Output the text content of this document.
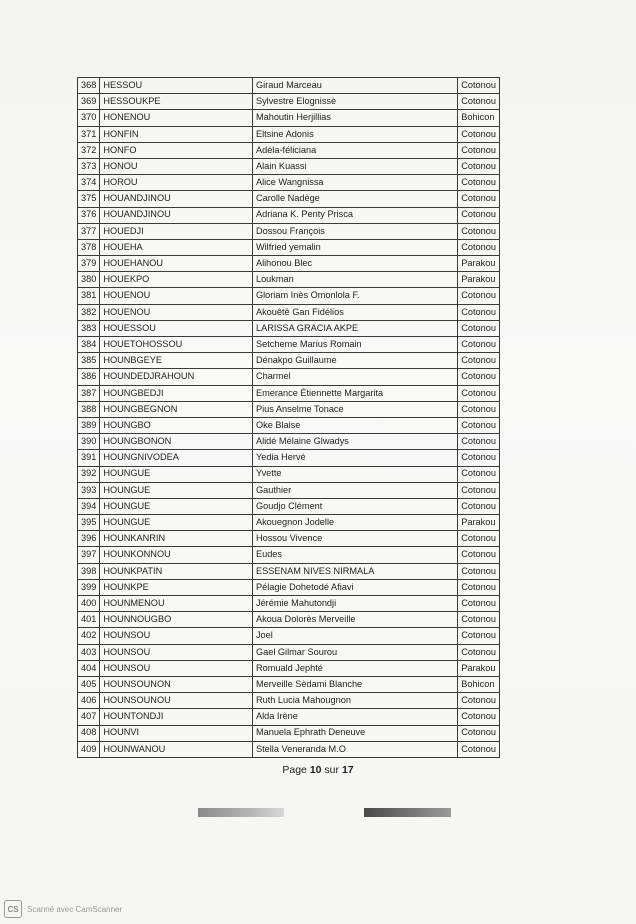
368	HESSOU	Giraud Marceau	Cotonou
369	HESSOUKPE	Sylvestre Elognissè	Cotonou
370	HONENOU	Mahoutin Herjillias	Bohicon
371	HONFIN	Eltsine Adonis	Cotonou
372	HONFO	Adéla-féliciana	Cotonou
373	HONOU	Alain Kuassi	Cotonou
374	HOROU	Alice Wangnissa	Cotonou
375	HOUANDJINOU	Carolle Nadège	Cotonou
376	HOUANDJINOU	Adriana K. Penty Prisca	Cotonou
377	HOUEDJI	Dossou François	Cotonou
378	HOUEHA	Wilfried yemalin	Cotonou
379	HOUEHANOU	Alihonou Blec	Parakou
380	HOUEKPO	Loukman	Parakou
381	HOUENOU	Gloriam Inès Omonlola F.	Cotonou
382	HOUENOU	Akouêtê Gan Fidélios	Cotonou
383	HOUESSOU	LARISSA GRACIA AKPE	Cotonou
384	HOUETOHOSSOU	Setcheme Marius Romain	Cotonou
385	HOUNBGEYE	Dénakpo Guillaume	Cotonou
386	HOUNDEDJRAHOUN	Charmel	Cotonou
387	HOUNGBEDJI	Emerance Étiennette Margarita	Cotonou
388	HOUNGBEGNON	Pius Anselme Tonace	Cotonou
389	HOUNGBO	Oke Blaise	Cotonou
390	HOUNGBONON	Alidé Mélaine Glwadys	Cotonou
391	HOUNGNIVODEA	Yedia Hervé	Cotonou
392	HOUNGUE	Yvette	Cotonou
393	HOUNGUE	Gauthier	Cotonou
394	HOUNGUE	Goudjo Clément	Cotonou
395	HOUNGUE	Akouegnon Jodelle	Parakou
396	HOUNKANRIN	Hossou Vivence	Cotonou
397	HOUNKONNOU	Eudes	Cotonou
398	HOUNKPATIN	ESSENAM NIVES NIRMALA	Cotonou
399	HOUNKPE	Pélagie Dohetodé Afiavi	Cotonou
400	HOUNMENOU	Jérémie Mahutondji	Cotonou
401	HOUNNOUGBO	Akoua Dolorès Merveille	Cotonou
402	HOUNSOU	Joel	Cotonou
403	HOUNSOU	Gael Gilmar Sourou	Cotonou
404	HOUNSOU	Romuald Jephté	Parakou
405	HOUNSOUNON	Merveille Sèdami Blanche	Bohicon
406	HOUNSOUNOU	Ruth Lucia Mahougnon	Cotonou
407	HOUNTONDJI	Alda Irène	Cotonou
408	HOUNVI	Manuela Ephrath Deneuve	Cotonou
409	HOUNWANOU	Stella Veneranda M.O	Cotonou
Page 10 sur 17
CS	Scanné avec CamScanner
